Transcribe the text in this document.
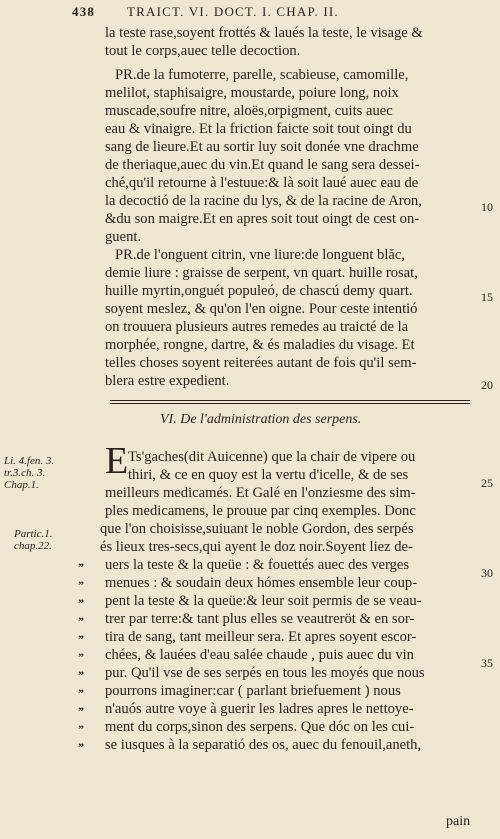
438 TRAICT. VI. DOCT. I. CHAP. II.
la teste rase,soyent frottés & laués la teste, le visage &
tout le corps,auec telle decoction.
PR.de la fumoterre, parelle, scabieuse, camomille,
melilot, staphisaigre, moustarde, poiure long, noix
muscade,soufre nitre, aloës,orpigment, cuits auec
eau & vinaigre. Et la friction faicte soit tout oingt du
sang de lieure.Et au sortir luy soit donée vne drachme
de theriaque,auec du vin.Et quand le sang sera dessei-
ché,qu'il retourne à l'estuue:& là soit laué auec eau de
la decoctió de la racine du lys, & de la racine de Aron,
&du son maigre.Et en apres soit tout oingt de cest on-
guent.
PR.de l'onguent citrin, vne liure:de longuent blăc,
demie liure : graisse de serpent, vn quart. huille rosat,
huille myrtin,onguét populeó, de chascú demy quart.
soyent meslez, & qu'on l'en oigne. Pour ceste intentió
on trouuera plusieurs autres remedes au traicté de la
morphée, rongne, dartre, & és maladies du visage. Et
telles choses soyent reiterées autant de fois qu'il sem-
blera estre expedient.
10
15
20
VI. De l'administration des serpens.
E
Li. 4.fen. 3.
tr.3.ch. 3.
Chap.1.
Partic.1.
chap.22.
Ts'gaches(dit Auicenne) que la chair de vipere ou
thiri, & ce en quoy est la vertu d'icelle, & de ses
meilleurs medicamés. Et Galé en l'onziesme des sim-
ples medicamens, le prouue par cinq exemples. Donc
que l'on choisisse,suiuant le noble Gordon, des serpés
és lieux tres-secs,qui ayent le doz noir.Soyent liez de-
” uers la teste & la queüe : & fouettés auec des verges
” menues : & soudain deux hómes ensemble leur coup-
” pent la teste & la queüe:& leur soit permis de se veau-
” trer par terre:& tant plus elles se veautreröt & en sor-
” tira de sang, tant meilleur sera. Et apres soyent escor-
” chées, & lauées d'eau salée chaude , puis auec du vin
” pur. Qu'il vse de ses serpés en tous les moyés que nous
” pourrons imaginer:car ( parlant briefuement ) nous
” n'auós autre voye à guerir les ladres apres le nettoye-
” ment du corps,sinon des serpens. Que dóc on les cui-
” se iusques à la separatió des os, auec du fenouil,aneth,
25
30
35
pain
